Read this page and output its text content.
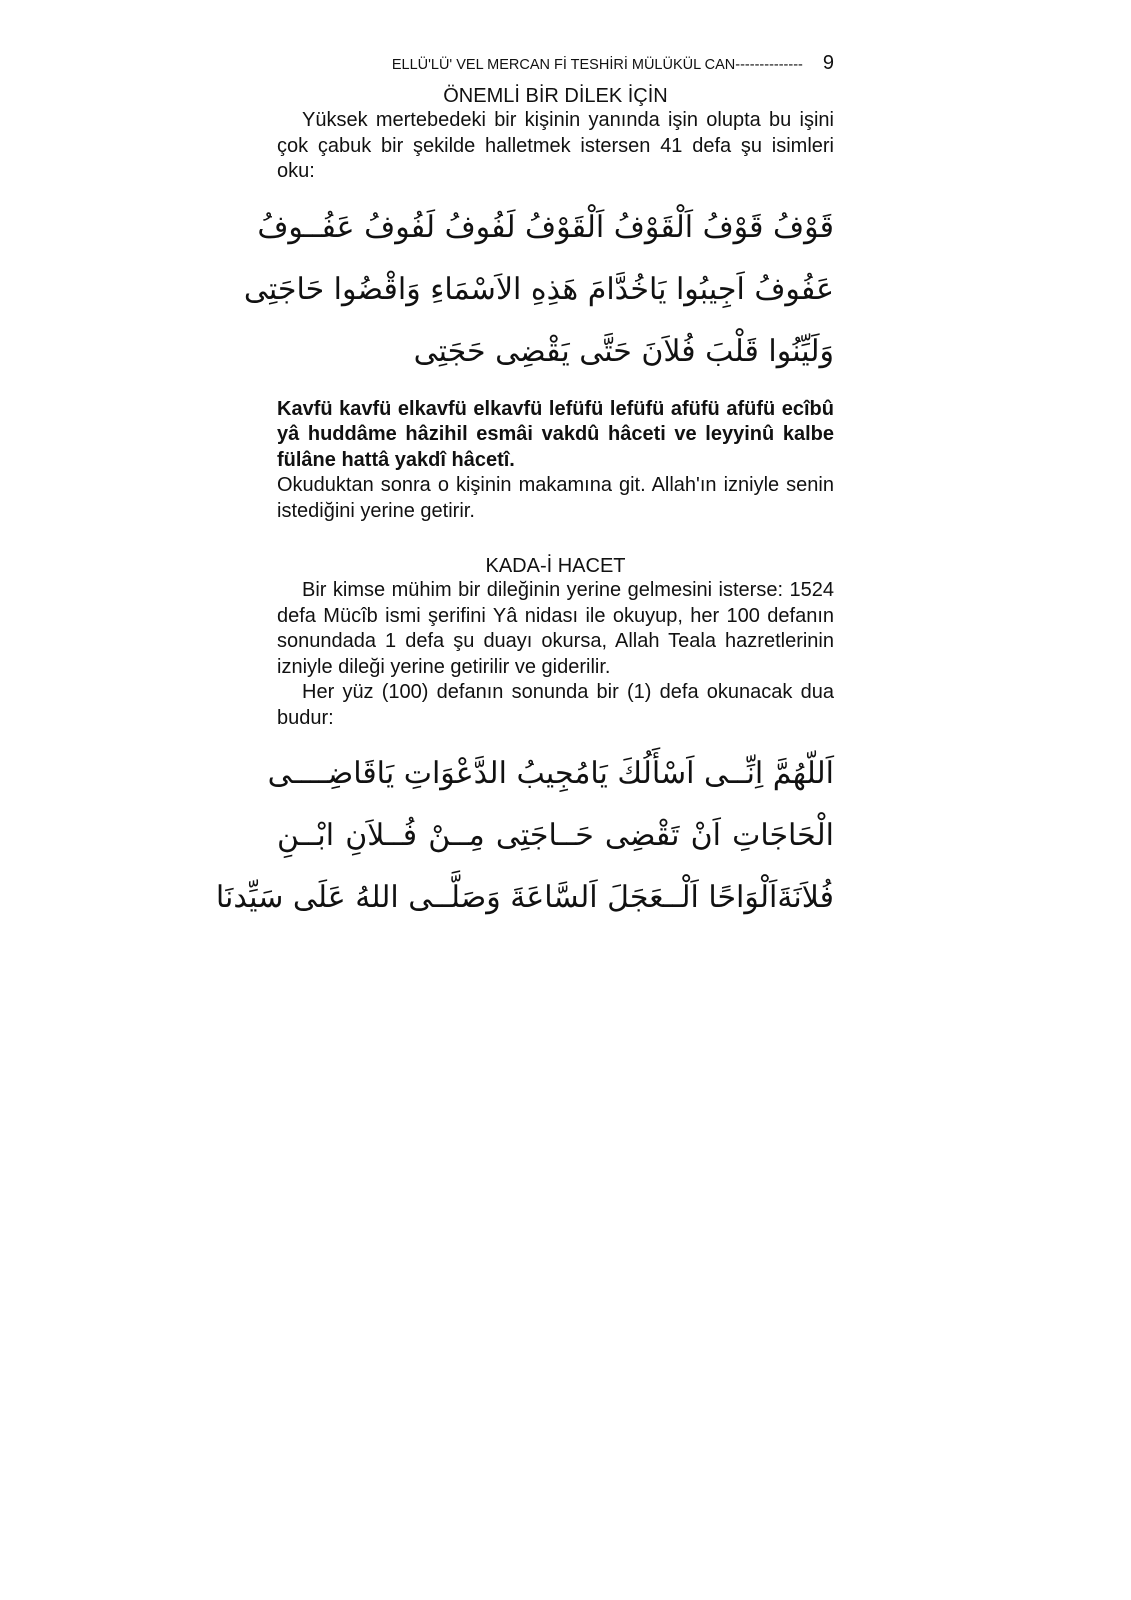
ELLÜ'LÜ' VEL MERCAN Fİ TESHİRİ MÜLÜKÜL CAN-------------- 9
ÖNEMLİ BİR DİLEK İÇİN

Yüksek mertebedeki bir kişinin yanında işin olupta bu işini çok çabuk bir şekilde halletmek istersen 41 defa şu isimleri oku:

قَوْفُ قَوْفُ اَلْقَوْفُ اَلْقَوْفُ لَفُوفُ لَفُوفُ عَفُــوفُ
عَفُوفُ اَجِيبُوا يَاخُدَّامَ هَذِهِ الاَسْمَاءِ وَاقْضُوا حَاجَتِى
وَلَيِّنُوا قَلْبَ فُلاَنَ حَتَّى يَقْضِى حَجَتِى

Kavfü kavfü elkavfü elkavfü lefüfü lefüfü afüfü afüfü ecîbû yâ huddâme hâzihil esmâi vakdû hâceti ve leyyinû kalbe fülâne hattâ yakdî hâcetî.

Okuduktan sonra o kişinin makamına git. Allah'ın izniyle senin istediğini yerine getirir.

KADA-İ HACET

Bir kimse mühim bir dileğinin yerine gelmesini isterse: 1524 defa Mücîb ismi şerifini Yâ nidası ile okuyup, her 100 defanın sonundada 1 defa şu duayı okursa, Allah Teala hazretlerinin izniyle dileği yerine getirilir ve giderilir.

Her yüz (100) defanın sonunda bir (1) defa okunacak dua budur:

اَللّهُمَّ اِنِّــى اَسْأَلُكَ يَامُجِيبُ الدَّعْوَاتِ يَاقَاضِــــى
الْحَاجَاتِ اَنْ تَقْضِى حَــاجَتِى مِــنْ فُــلاَنِ ابْــنِ
فُلاَنَةَاَلْوَاحًا اَلْــعَجَلَ اَلسَّاعَةَ وَصَلَّــى اللهُ عَلَى سَيِّدنَا
